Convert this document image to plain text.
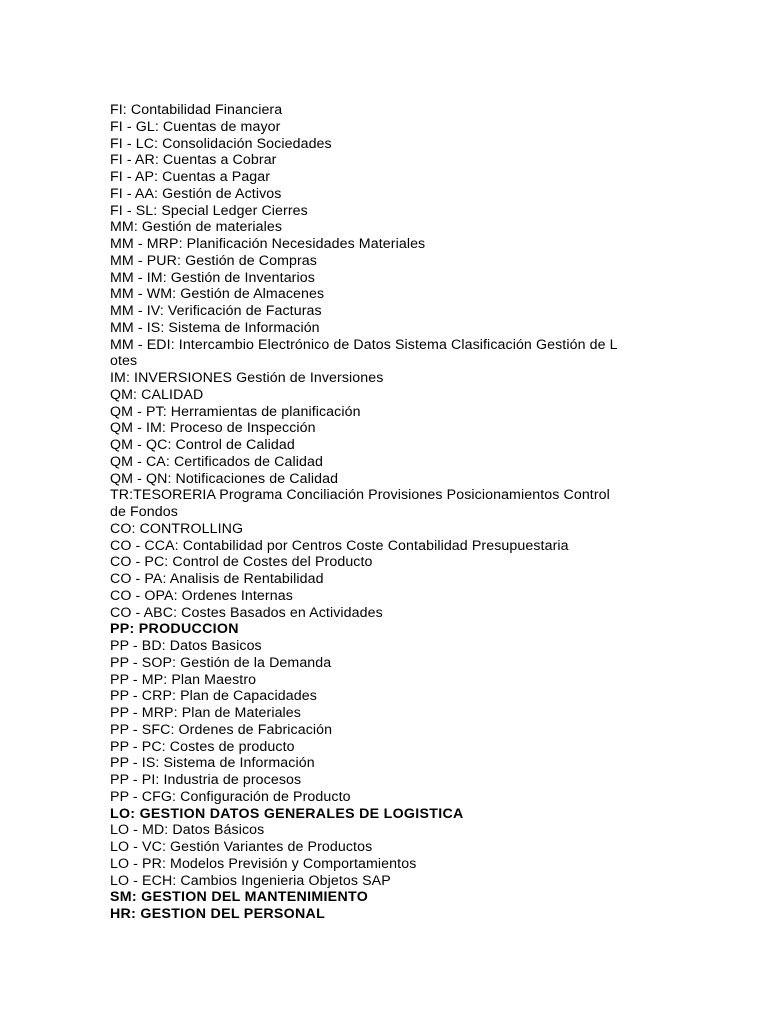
FI: Contabilidad Financiera
FI - GL: Cuentas de mayor
FI - LC: Consolidación Sociedades
FI - AR: Cuentas a Cobrar
FI - AP: Cuentas a Pagar
FI - AA: Gestión de Activos
FI - SL: Special Ledger Cierres
MM: Gestión de materiales
MM - MRP: Planificación Necesidades Materiales
MM - PUR: Gestión de Compras
MM - IM: Gestión de Inventarios
MM - WM: Gestión de Almacenes
MM - IV: Verificación de Facturas
MM - IS: Sistema de Información
MM - EDI: Intercambio Electrónico de Datos Sistema Clasificación Gestión de L
otes
IM: INVERSIONES Gestión de Inversiones
QM: CALIDAD
QM - PT: Herramientas de planificación
QM - IM: Proceso de Inspección
QM - QC: Control de Calidad
QM - CA: Certificados de Calidad
QM - QN: Notificaciones de Calidad
TR:TESORERIA Programa Conciliación Provisiones Posicionamientos Control
de Fondos
CO: CONTROLLING
CO - CCA: Contabilidad por Centros Coste Contabilidad Presupuestaria
CO - PC: Control de Costes del Producto
CO - PA: Analisis de Rentabilidad
CO - OPA: Ordenes Internas
CO - ABC: Costes Basados en Actividades
PP: PRODUCCION
PP - BD: Datos Basicos
PP - SOP: Gestión de la Demanda
PP - MP: Plan Maestro
PP - CRP: Plan de Capacidades
PP - MRP: Plan de Materiales
PP - SFC: Ordenes de Fabricación
PP - PC: Costes de producto
PP - IS: Sistema de Información
PP - PI: Industria de procesos
PP - CFG: Configuración de Producto
LO: GESTION DATOS GENERALES DE LOGISTICA
LO - MD: Datos Básicos
LO - VC: Gestión Variantes de Productos
LO - PR: Modelos Previsión y Comportamientos
LO - ECH: Cambios Ingenieria Objetos SAP
SM: GESTION DEL MANTENIMIENTO
HR: GESTION DEL PERSONAL
